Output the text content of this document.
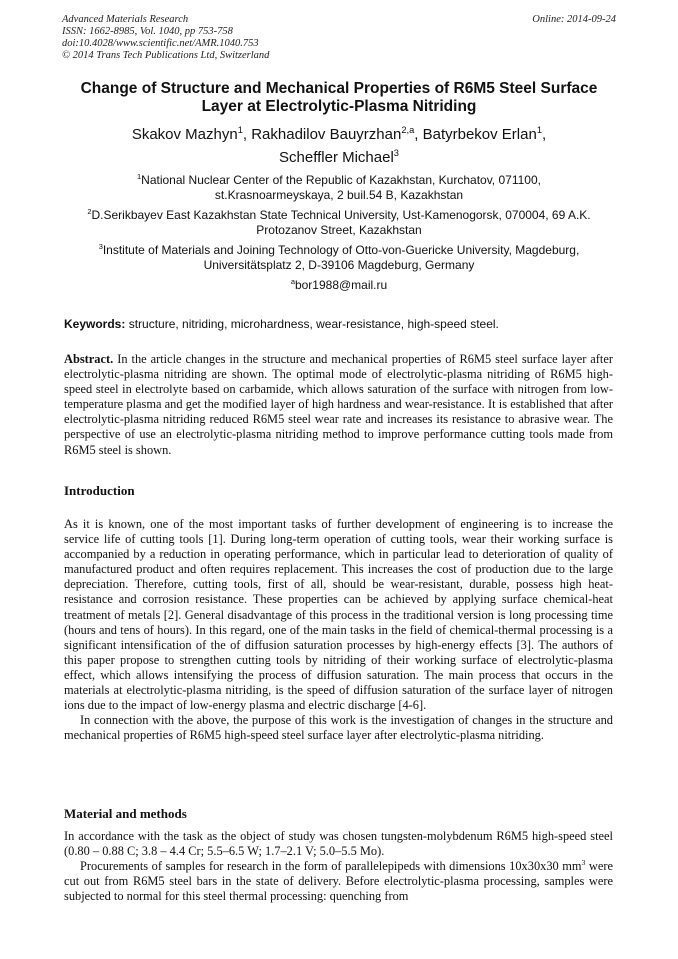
Advanced Materials Research
ISSN: 1662-8985, Vol. 1040, pp 753-758
doi:10.4028/www.scientific.net/AMR.1040.753
© 2014 Trans Tech Publications Ltd, Switzerland
Online: 2014-09-24
Change of Structure and Mechanical Properties of R6M5 Steel Surface
Layer at Electrolytic-Plasma Nitriding
Skakov Mazhyn$^1$, Rakhadilov Bauyrzhan$^{2,a}$, Batyrbekov Erlan$^1$,
Scheffler Michael$^3$

$^1$National Nuclear Center of the Republic of Kazakhstan, Kurchatov, 071100,
st.Krasnoarmeyskaya, 2 buil.54 B, Kazakhstan

$^2$D.Serikbayev East Kazakhstan State Technical University, Ust-Kamenogorsk, 070004, 69 A.K.
Protozanov Street, Kazakhstan

$^3$Institute of Materials and Joining Technology of Otto-von-Guericke University, Magdeburg,
Universitätsplatz 2, D-39106 Magdeburg, Germany

$^a$bor1988@mail.ru

Keywords: structure, nitriding, microhardness, wear-resistance, high-speed steel.

Abstract. In the article changes in the structure and mechanical properties of R6M5 steel surface layer after electrolytic-plasma nitriding are shown. The optimal mode of electrolytic-plasma nitriding of R6M5 high-speed steel in electrolyte based on carbamide, which allows saturation of the surface with nitrogen from low-temperature plasma and get the modified layer of high hardness and wear-resistance. It is established that after electrolytic-plasma nitriding reduced R6M5 steel wear rate and increases its resistance to abrasive wear. The perspective of use an electrolytic-plasma nitriding method to improve performance cutting tools made from R6M5 steel is shown.

Introduction

As it is known, one of the most important tasks of further development of engineering is to increase the service life of cutting tools [1]. During long-term operation of cutting tools, wear their working surface is accompanied by a reduction in operating performance, which in particular lead to deterioration of quality of manufactured product and often requires replacement. This increases the cost of production due to the large depreciation. Therefore, cutting tools, first of all, should be wear-resistant, durable, possess high heat-resistance and corrosion resistance. These properties can be achieved by applying surface chemical-heat treatment of metals [2]. General disadvantage of this process in the traditional version is long processing time (hours and tens of hours). In this regard, one of the main tasks in the field of chemical-thermal processing is a significant intensification of the of diffusion saturation processes by high-energy effects [3]. The authors of this paper propose to strengthen cutting tools by nitriding of their working surface of electrolytic-plasma effect, which allows intensifying the process of diffusion saturation. The main process that occurs in the materials at electrolytic-plasma nitriding, is the speed of diffusion saturation of the surface layer of nitrogen ions due to the impact of low-energy plasma and electric discharge [4-6].

In connection with the above, the purpose of this work is the investigation of changes in the structure and mechanical properties of R6M5 high-speed steel surface layer after electrolytic-plasma nitriding.

Material and methods

In accordance with the task as the object of study was chosen tungsten-molybdenum R6M5 high-speed steel (0.80 – 0.88 C; 3.8 – 4.4 Cr; 5.5–6.5 W; 1.7–2.1 V; 5.0–5.5 Mo).

Procurements of samples for research in the form of parallelepipeds with dimensions 10x30x30 $mm^3$ were cut out from R6M5 steel bars in the state of delivery. Before electrolytic-plasma processing, samples were subjected to normal for this steel thermal processing: quenching from
